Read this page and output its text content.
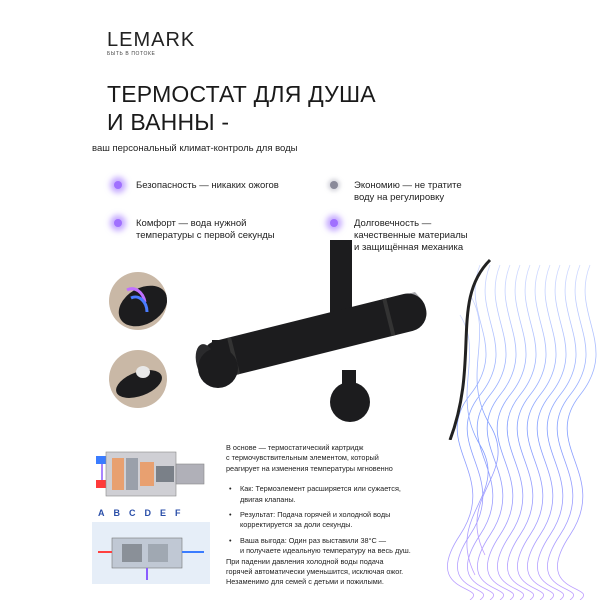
LEMARK
БЫТЬ В ПОТОКЕ
ТЕРМОСТАТ ДЛЯ ДУША
И ВАННЫ -
ваш персональный климат-контроль для воды
Безопасность — никаких ожогов	Экономию — не тратите
воду на регулировку
Комфорт — вода нужной
температуры с первой секунды
Долговечность —
качественные материалы
и защищённая механика
A B C D E F

В основе — термостатический картридж
с термочувствительным элементом, который
реагирует на изменения температуры мгновенно

• Как: Термоэлемент расширяется или сужается,
двигая клапаны.

• Результат: Подача горячей и холодной воды
корректируется за доли секунды.

• Ваша выгода: Один раз выставили 38°C —
и получаете идеальную температуру на весь душ.

При падении давления холодной воды подача
горячей автоматически уменьшится, исключая ожог.
Незаменимо для семей с детьми и пожилыми.
